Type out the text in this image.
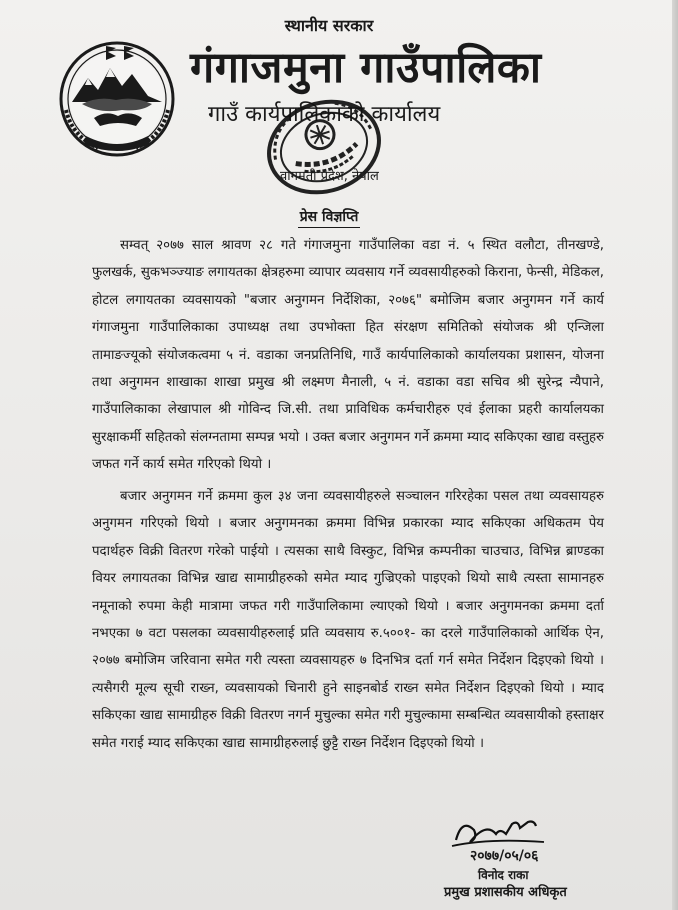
स्थानीय सरकार
गंगाजमुना गाउँपालिका
गाउँ कार्यपालिकाको कार्यालय
वागमती प्रदेश, नेपाल
प्रेस विज्ञप्ति

सम्वत् २०७७ साल श्रावण २८ गते गंगाजमुना गाउँपालिका वडा नं. ५ स्थित वलौटा, तीनखण्डे, फुलखर्क, सुकभञ्ज्याङ लगायतका क्षेत्रहरुमा व्यापार व्यवसाय गर्ने व्यवसायीहरुको किराना, फेन्सी, मेडिकल, होटल लगायतका व्यवसायको "बजार अनुगमन निर्देशिका, २०७६" बमोजिम बजार अनुगमन गर्ने कार्य गंगाजमुना गाउँपालिकाका उपाध्यक्ष तथा उपभोक्ता हित संरक्षण समितिको संयोजक श्री एन्जिला तामाङज्यूको संयोजकत्वमा ५ नं. वडाका जनप्रतिनिधि, गाउँ कार्यपालिकाको कार्यालयका प्रशासन, योजना तथा अनुगमन शाखाका शाखा प्रमुख श्री लक्ष्मण मैनाली, ५ नं. वडाका वडा सचिव श्री सुरेन्द्र न्यैपाने, गाउँपालिकाका लेखापाल श्री गोविन्द जि.सी. तथा प्राविधिक कर्मचारीहरु एवं ईलाका प्रहरी कार्यालयका सुरक्षाकर्मी सहितको संलग्नतामा सम्पन्न भयो । उक्त बजार अनुगमन गर्ने क्रममा म्याद सकिएका खाद्य वस्तुहरु जफत गर्ने कार्य समेत गरिएको थियो ।

बजार अनुगमन गर्ने क्रममा कुल ३४ जना व्यवसायीहरुले सञ्चालन गरिरहेका पसल तथा व्यवसायहरु अनुगमन गरिएको थियो । बजार अनुगमनका क्रममा विभिन्न प्रकारका म्याद सकिएका अधिकतम पेय पदार्थहरु विक्री वितरण गरेको पाईयो । त्यसका साथै विस्कुट, विभिन्न कम्पनीका चाउचाउ, विभिन्न ब्राण्डका वियर लगायतका विभिन्न खाद्य सामाग्रीहरुको समेत म्याद गुज्रिएको पाइएको थियो साथै त्यस्ता सामानहरु नमूनाको रुपमा केही मात्रामा जफत गरी गाउँपालिकामा ल्याएको थियो । बजार अनुगमनका क्रममा दर्ता नभएका ७ वटा पसलका व्यवसायीहरुलाई प्रति व्यवसाय रु.५००१- का दरले गाउँपालिकाको आर्थिक ऐन, २०७७ बमोजिम जरिवाना समेत गरी त्यस्ता व्यवसायहरु ७ दिनभित्र दर्ता गर्न समेत निर्देशन दिइएको थियो । त्यसैगरी मूल्य सूची राख्न, व्यवसायको चिनारी हुने साइनबोर्ड राख्न समेत निर्देशन दिइएको थियो । म्याद सकिएका खाद्य सामाग्रीहरु विक्री वितरण नगर्न मुचुल्का समेत गरी मुचुल्कामा सम्बन्धित व्यवसायीको हस्ताक्षर समेत गराई म्याद सकिएका खाद्य सामाग्रीहरुलाई छुट्टै राख्न निर्देशन दिइएको थियो ।

२०७७/०५/०६
विनोद राका
प्रमुख प्रशासकीय अधिकृत
